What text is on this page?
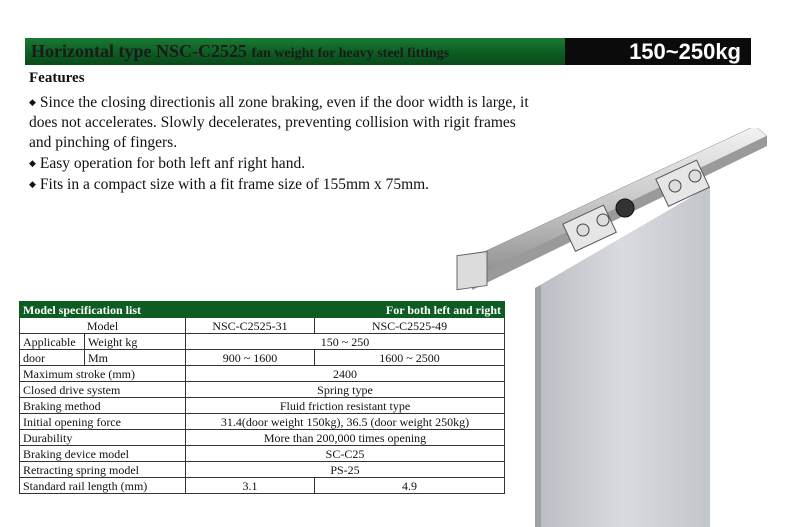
Horizontal type NSC-C2525 fan weight for heavy steel fittings	150~250kg
Features

◆ Since the closing directionis all zone braking, even if the door width is large, it

does not accelerates. Slowly decelerates, preventing collision with rigit frames

and pinching of fingers.

◆ Easy operation for both left anf right hand.

◆ Fits in a compact size with a fit frame size of 155mm x 75mm.

Model specification list		For both left and right	
Model		NSC-C2525-31	NSC-C2525-49
Applicable	Weight kg	150 ~ 250	
door	Mm	900 ~ 1600	1600 ~ 2500
Maximum stroke (mm)		2400	
Closed drive system		Spring type	
Braking method		Fluid friction resistant type	
Initial opening force		31.4(door weight 150kg), 36.5 (door weight 250kg)	
Durability		More than 200,000 times opening	
Braking device model		SC-C25	
Retracting spring model		PS-25	
Standard rail length (mm)		3.1	4.9
